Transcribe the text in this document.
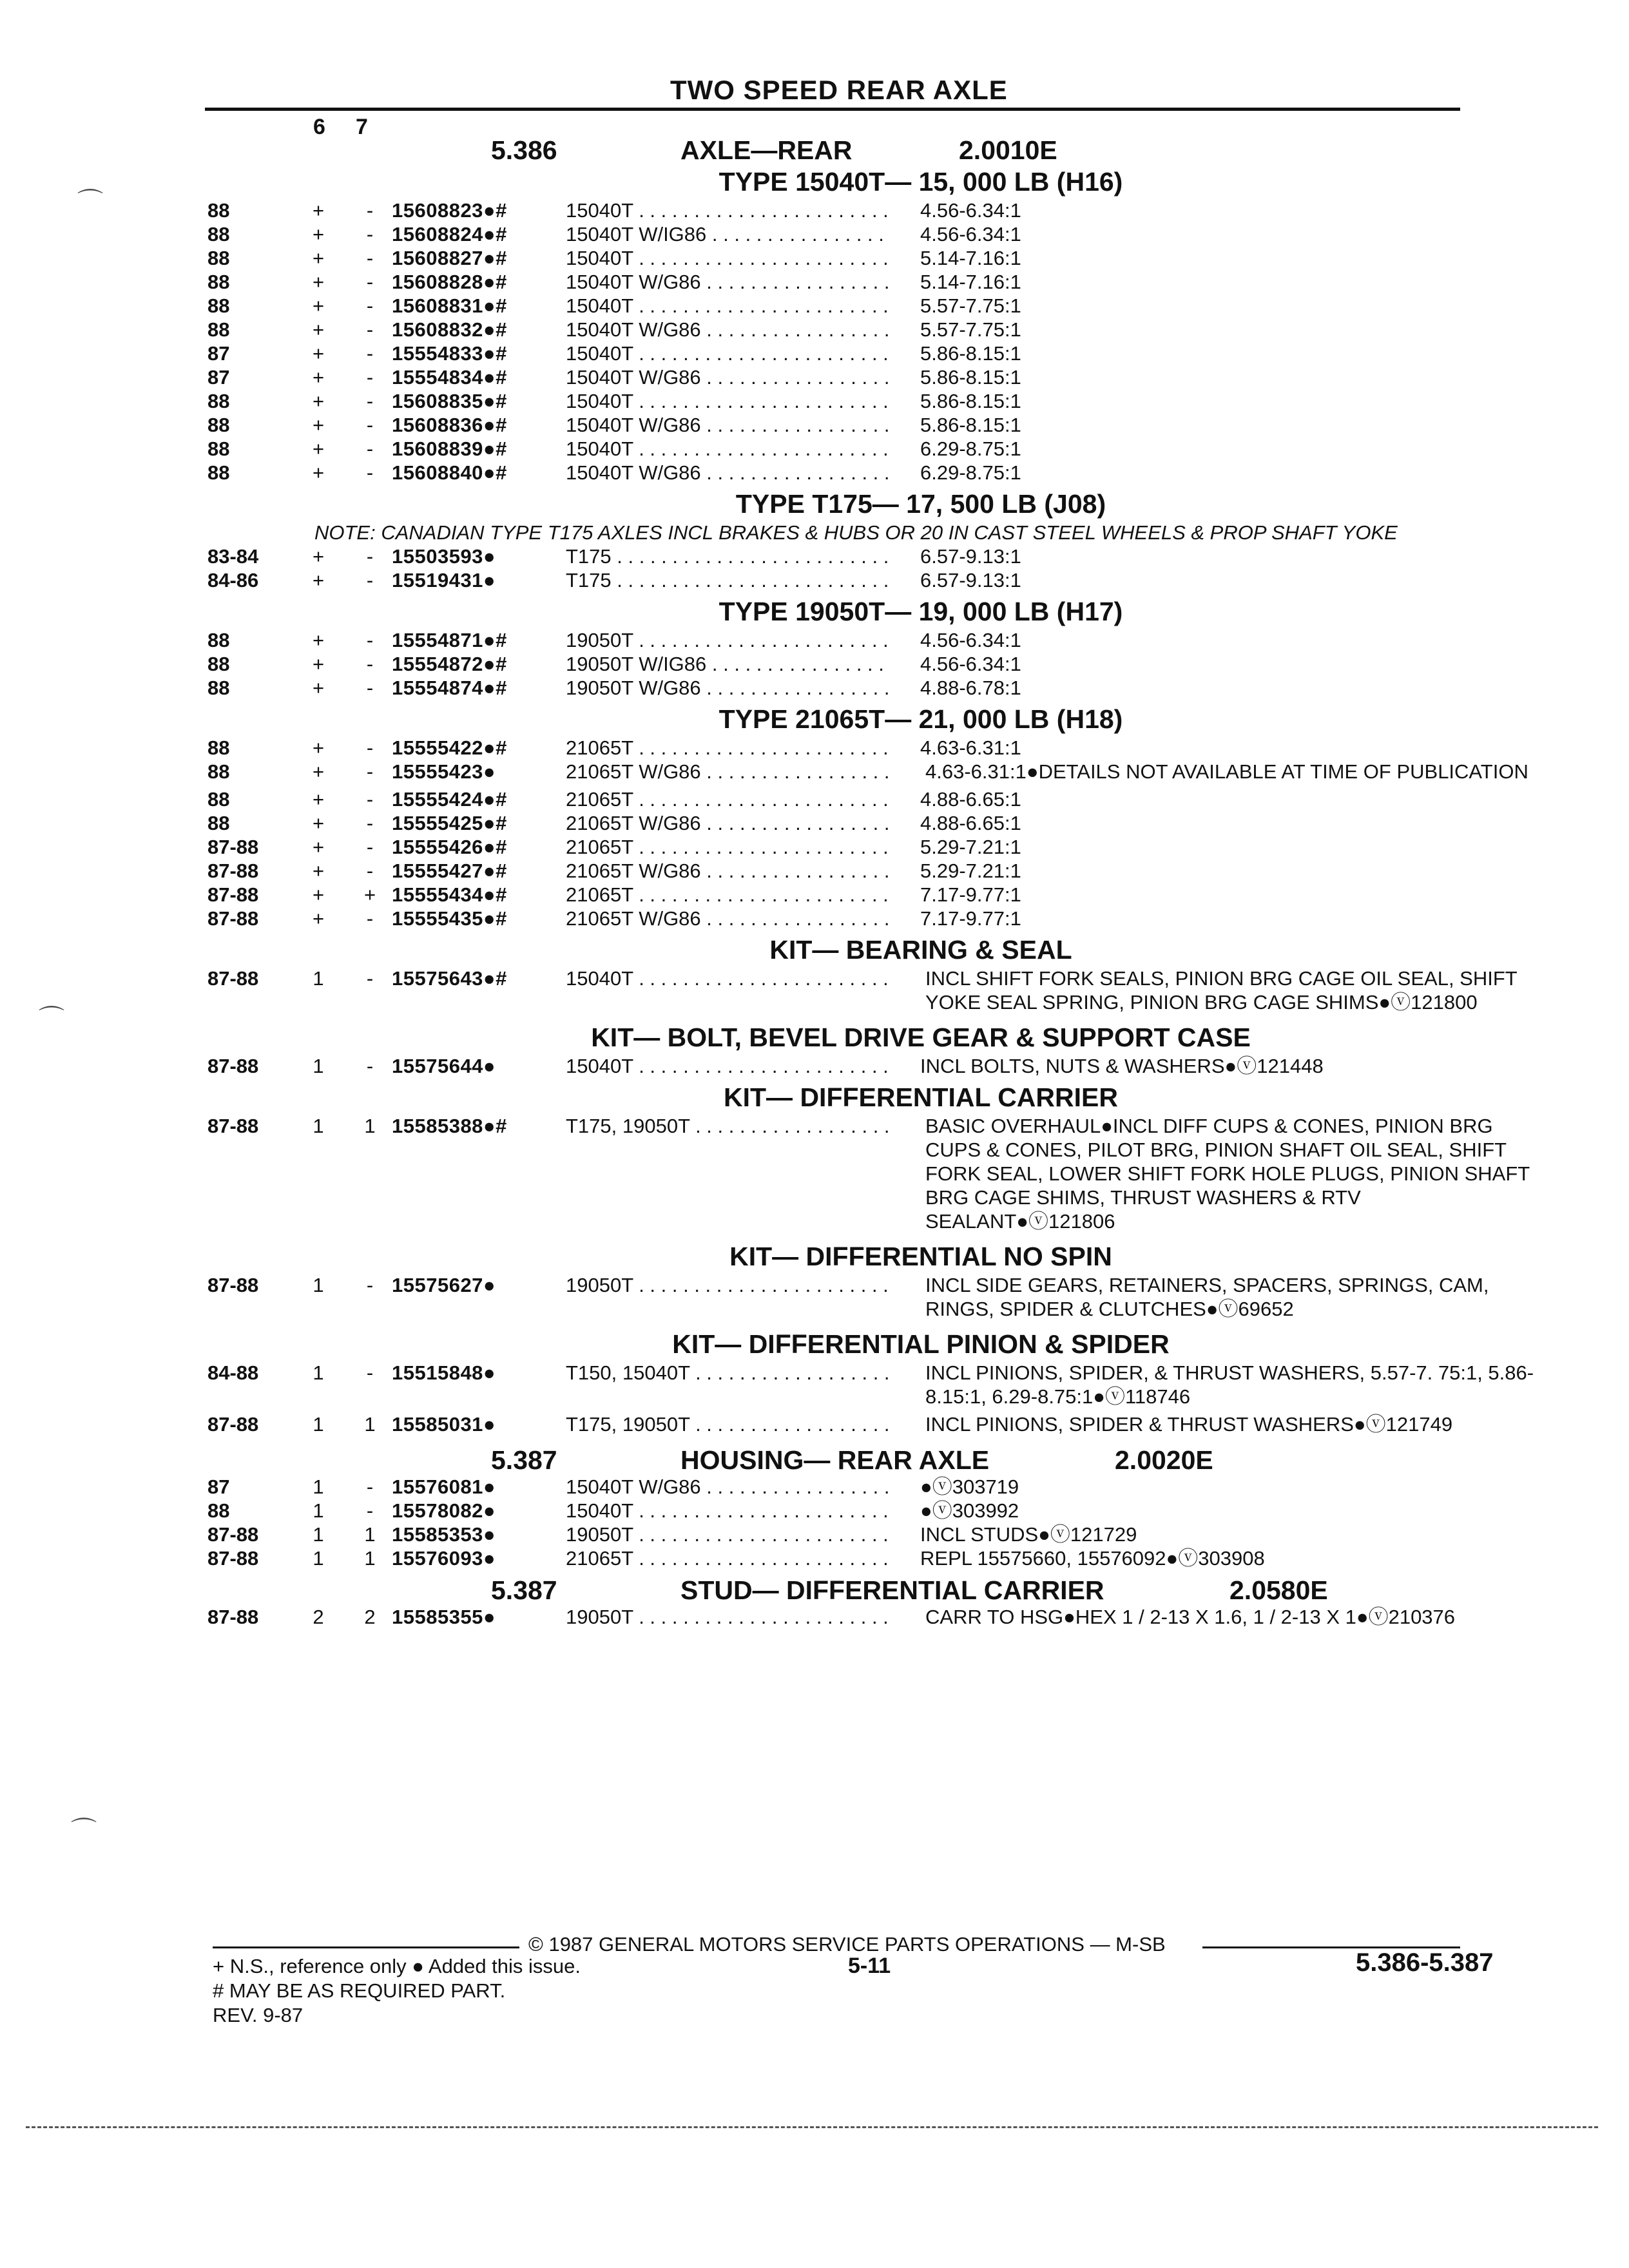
TWO SPEED REAR AXLE
6 7
5.386	AXLE—REAR	2.0010E
TYPE 15040T— 15, 000 LB (H16)
88	+ - 15608823●#	15040T . . .	4.56-6.34:1
88	+ - 15608824●#	15040T W/IG86 . . .	4.56-6.34:1
88	+ - 15608827●#	15040T . . .	5.14-7.16:1
88	+ - 15608828●#	15040T W/G86 . . .	5.14-7.16:1
88	+ - 15608831●#	15040T . . .	5.57-7.75:1
88	+ - 15608832●#	15040T W/G86 . . .	5.57-7.75:1
87	+ - 15554833●#	15040T . . .	5.86-8.15:1
87	+ - 15554834●#	15040T W/G86 . . .	5.86-8.15:1
88	+ - 15608835●#	15040T . . .	5.86-8.15:1
88	+ - 15608836●#	15040T W/G86 . . .	5.86-8.15:1
88	+ - 15608839●#	15040T . . .	6.29-8.75:1
88	+ - 15608840●#	15040T W/G86 . . .	6.29-8.75:1
TYPE T175— 17, 500 LB (J08)
NOTE: CANADIAN TYPE T175 AXLES INCL BRAKES & HUBS OR 20 IN CAST STEEL WHEELS & PROP SHAFT YOKE
83-84	+ - 15503593●	T175 . . .	6.57-9.13:1
84-86	+ - 15519431●	T175 . . .	6.57-9.13:1
TYPE 19050T— 19, 000 LB (H17)
88	+ - 15554871●#	19050T . . .	4.56-6.34:1
88	+ - 15554872●#	19050T W/IG86 . . .	4.56-6.34:1
88	+ - 15554874●#	19050T W/G86 . . .	4.88-6.78:1
TYPE 21065T— 21, 000 LB (H18)
88	+ - 15555422●#	21065T . . .	4.63-6.31:1
88	+ - 15555423●	21065T W/G86 . . .	4.63-6.31:1●DETAILS NOT AVAILABLE AT TIME OF PUBLICATION
88	+ - 15555424●#	21065T . . .	4.88-6.65:1
88	+ - 15555425●#	21065T W/G86 . . .	4.88-6.65:1
87-88	+ - 15555426●#	21065T . . .	5.29-7.21:1
87-88	+ - 15555427●#	21065T W/G86 . . .	5.29-7.21:1
87-88	+ + 15555434●#	21065T . . .	7.17-9.77:1
87-88	+ - 15555435●#	21065T W/G86 . . .	7.17-9.77:1
KIT— BEARING & SEAL
87-88	1 - 15575643●#	15040T . . .	INCL SHIFT FORK SEALS, PINION BRG CAGE OIL SEAL, SHIFT YOKE SEAL SPRING, PINION BRG CAGE SHIMS●ⓥ121800
KIT— BOLT, BEVEL DRIVE GEAR & SUPPORT CASE
87-88	1 - 15575644●	15040T . . .	INCL BOLTS, NUTS & WASHERS●ⓥ121448
KIT— DIFFERENTIAL CARRIER
87-88	1 1 15585388●#	T175, 19050T . . .	BASIC OVERHAUL●INCL DIFF CUPS & CONES, PINION BRG CUPS & CONES, PILOT BRG, PINION SHAFT OIL SEAL, SHIFT FORK SEAL, LOWER SHIFT FORK HOLE PLUGS, PINION SHAFT BRG CAGE SHIMS, THRUST WASHERS & RTV SEALANT●ⓥ121806
KIT— DIFFERENTIAL NO SPIN
87-88	1 - 15575627●	19050T . . .	INCL SIDE GEARS, RETAINERS, SPACERS, SPRINGS, CAM, RINGS, SPIDER & CLUTCHES●ⓥ69652
KIT— DIFFERENTIAL PINION & SPIDER
84-88	1 - 15515848●	T150, 15040T . . .	INCL PINIONS, SPIDER, & THRUST WASHERS, 5.57-7. 75:1, 5.86-8.15:1, 6.29-8.75:1●ⓥ118746
87-88	1 1 15585031●	T175, 19050T . . .	INCL PINIONS, SPIDER & THRUST WASHERS●ⓥ121749
5.387	HOUSING— REAR AXLE	2.0020E
87	1 - 15576081●	15040T W/G86 . . .	●ⓥ303719
88	1 - 15578082●	15040T . . .	●ⓥ303992
87-88	1 1 15585353●	19050T . . .	INCL STUDS●ⓥ121729
87-88	1 1 15576093●	21065T . . .	REPL 15575660, 15576092●ⓥ303908
5.387	STUD— DIFFERENTIAL CARRIER	2.0580E
87-88	2 2 15585355●	19050T . . .	CARR TO HSG●HEX 1 / 2-13 X 1.6, 1 / 2-13 X 1●ⓥ210376
⌒
⌒
⌒
© 1987 GENERAL MOTORS SERVICE PARTS OPERATIONS — M-SB
+ N.S., reference only ● Added this issue.
# MAY BE AS REQUIRED PART.
REV. 9-87
5-11	5.386-5.387
